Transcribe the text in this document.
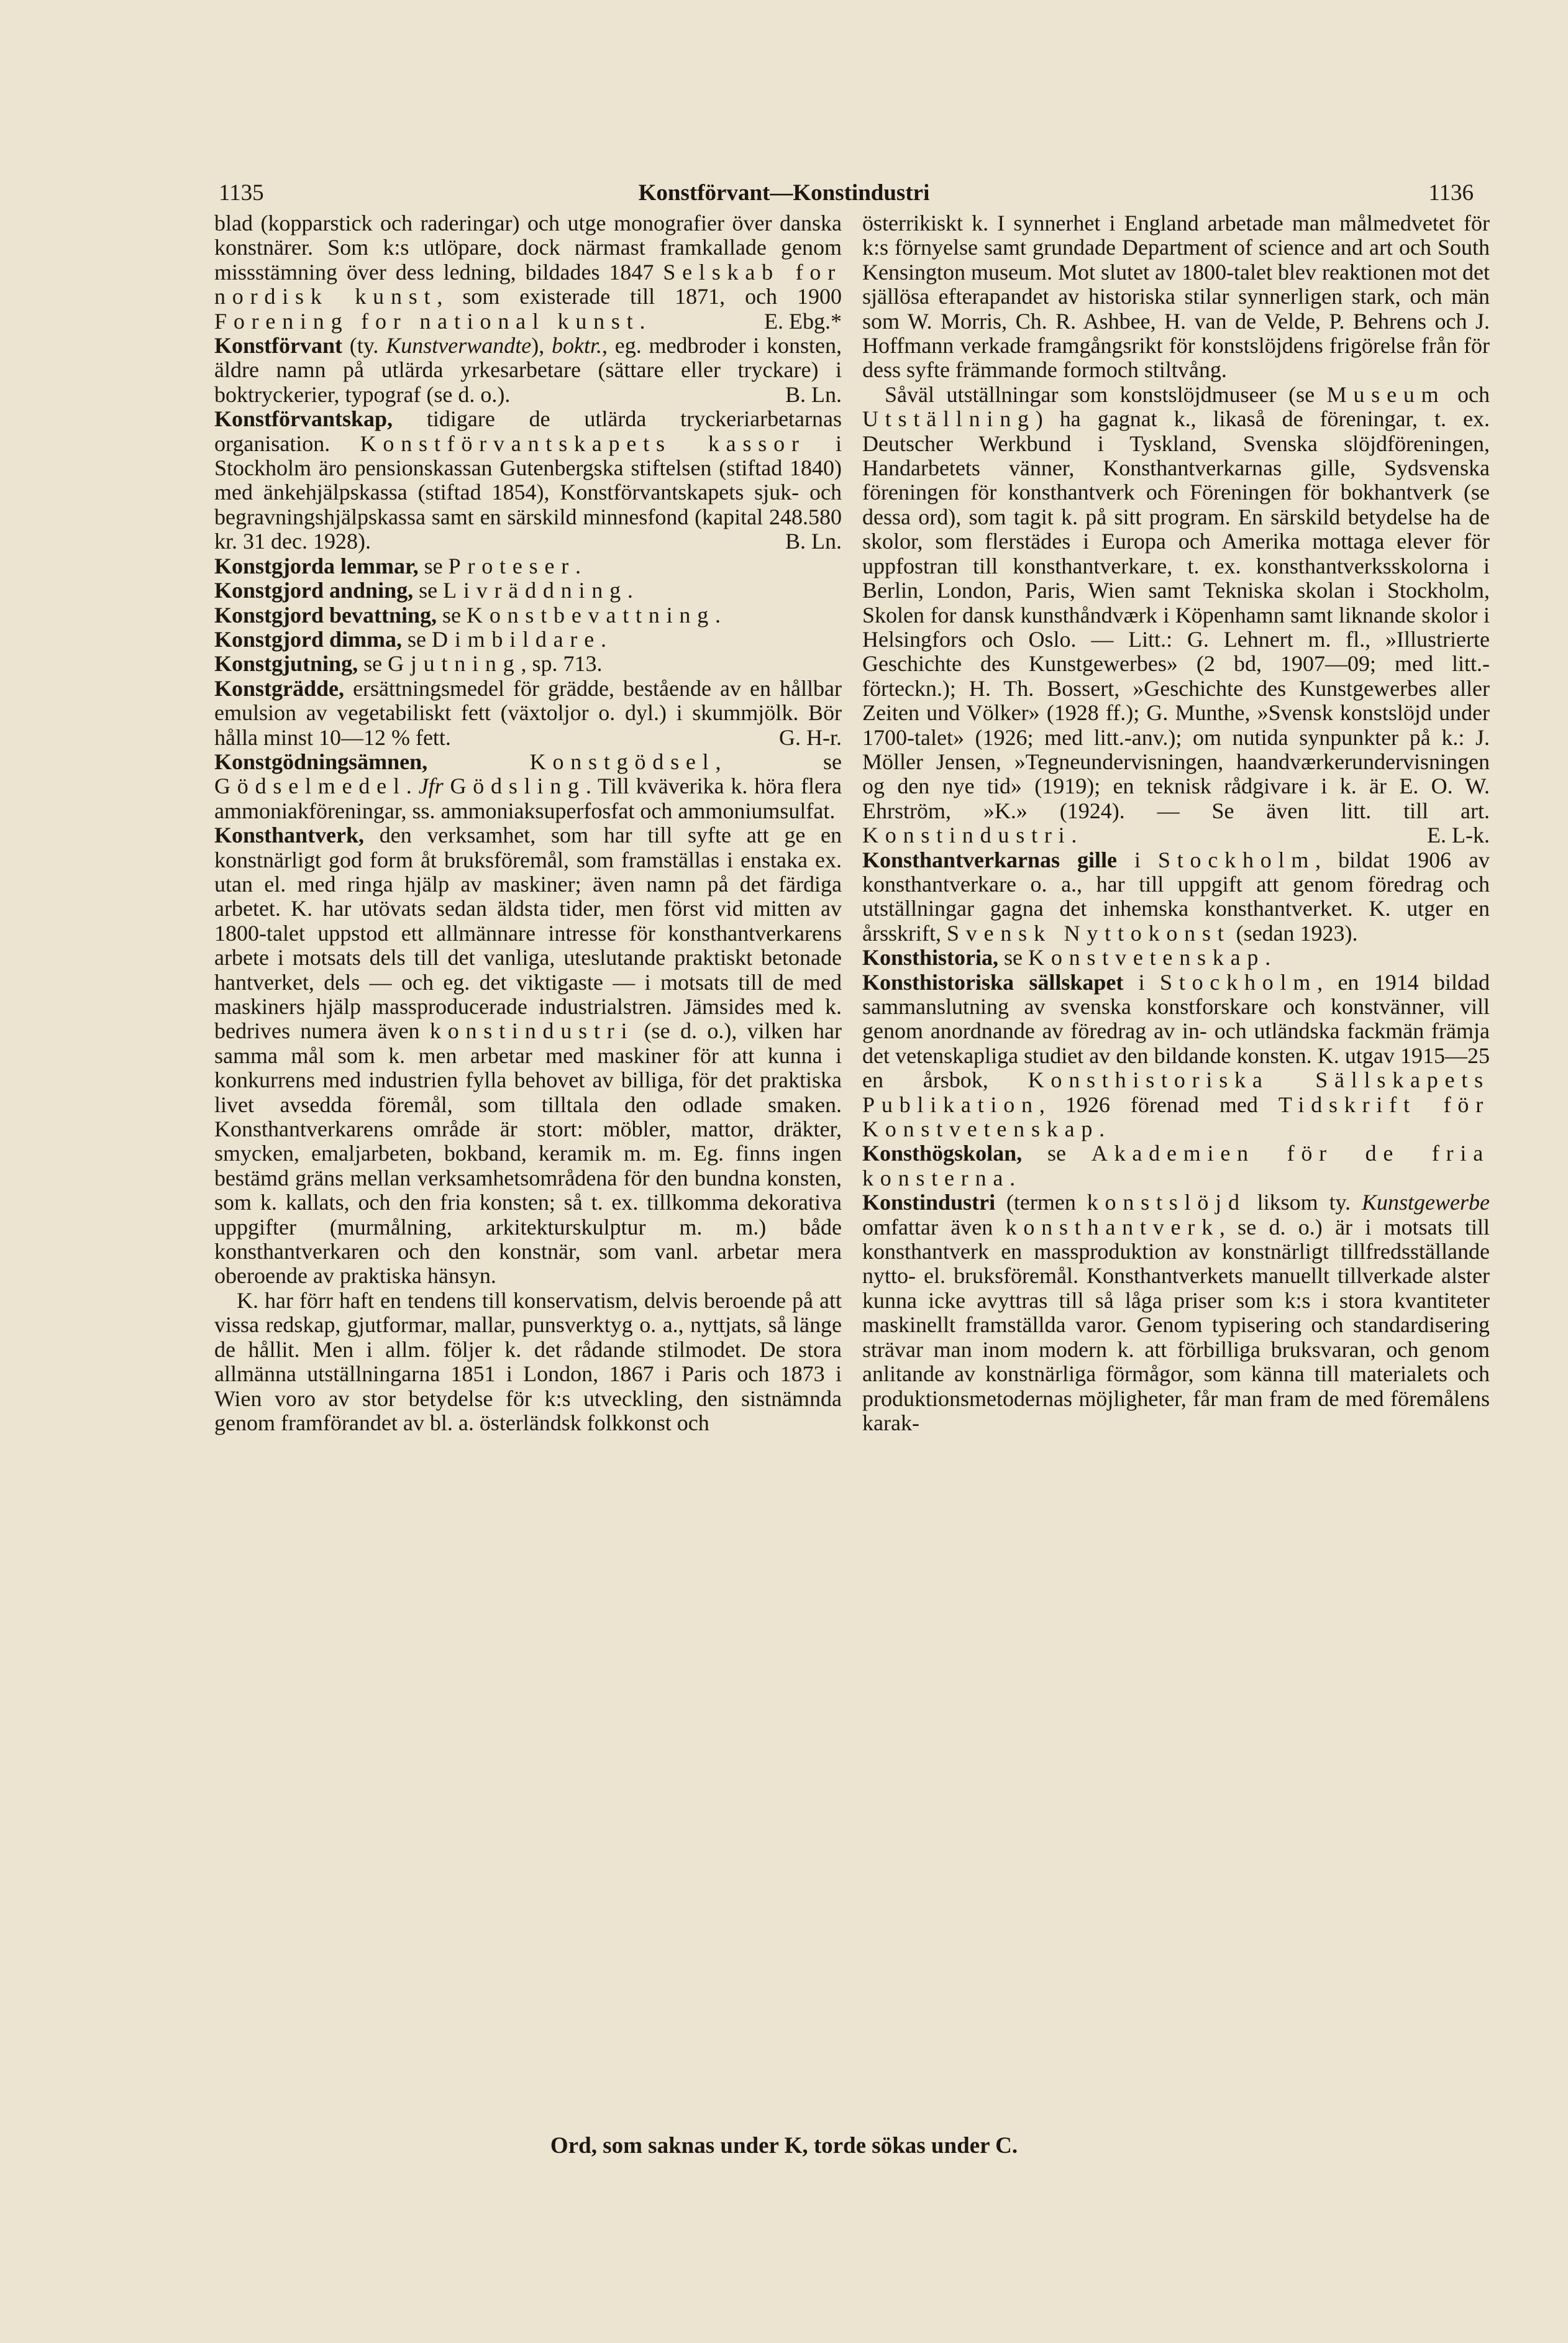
1135	Konstförvant—Konstindustri	1136

blad (kopparstick och raderingar) och utge monografier över danska konstnärer. Som k:s utlöpare, dock närmast framkallade genom missstämning över dess ledning, bildades 1847 Selskab for nordisk kunst, som existerade till 1871, och 1900 Forening for national kunst.	E. Ebg.*

Konstförvant (ty. Kunstverwandte), boktr., eg. medbroder i konsten, äldre namn på utlärda yrkesarbetare (sättare eller tryckare) i boktryckerier, typograf (se d. o.).	B. Ln.

Konstförvantskap, tidigare de utlärda tryckeriarbetarnas organisation. Konstförvantskapets kassor i Stockholm äro pensionskassan Gutenbergska stiftelsen (stiftad 1840) med änkehjälpskassa (stiftad 1854), Konstförvantskapets sjuk- och begravningshjälpskassa samt en särskild minnesfond (kapital 248.580 kr. 31 dec. 1928).	B. Ln.

Konstgjorda lemmar, se Proteser.

Konstgjord andning, se Livräddning.

Konstgjord bevattning, se Konstbevattning.

Konstgjord dimma, se Dimbildare.

Konstgjutning, se Gjutning, sp. 713.

Konstgrädde, ersättningsmedel för grädde, bestående av en hållbar emulsion av vegetabiliskt fett (växtoljor o. dyl.) i skummjölk. Bör hålla minst 10—12 % fett.	G. H-r.

Konstgödningsämnen,	Konstgödsel, se Gödselmedel. Jfr Gödsling. Till kväverika k. höra flera ammoniakföreningar, ss. ammoniaksuperfosfat och ammoniumsulfat.

Konsthantverk, den verksamhet, som har till syfte att ge en konstnärligt god form åt bruksföremål, som framställas i enstaka ex. utan el. med ringa hjälp av maskiner; även namn på det färdiga arbetet. K. har utövats sedan äldsta tider, men först vid mitten av 1800-talet uppstod ett allmännare intresse för konsthantverkarens arbete i motsats dels till det vanliga, uteslutande praktiskt betonade hantverket, dels — och eg. det viktigaste — i motsats till de med maskiners hjälp massproducerade industrialstren. Jämsides med k. bedrives numera även konstindustri (se d. o.), vilken har samma mål som k. men arbetar med maskiner för att kunna i konkurrens med industrien fylla behovet av billiga, för det praktiska livet avsedda föremål, som tilltala den odlade smaken. Konsthantverkarens område är stort: möbler, mattor, dräkter, smycken, emaljarbeten, bokband, keramik m. m. Eg. finns ingen bestämd gräns mellan verksamhetsområdena för den bundna konsten, som k. kallats, och den fria konsten; så t. ex. tillkomma dekorativa uppgifter (murmålning, arkitekturskulptur m. m.) både konsthantverkaren och den konstnär, som vanl. arbetar mera oberoende av praktiska hänsyn.

K. har förr haft en tendens till konservatism, delvis beroende på att vissa redskap, gjutformar, mallar, punsverktyg o. a., nyttjats, så länge de hållit. Men i allm. följer k. det rådande stilmodet. De stora allmänna utställningarna 1851 i London, 1867 i Paris och 1873 i Wien voro av stor betydelse för k:s utveckling, den sistnämnda genom framförandet av bl. a. österländsk folkkonst och

österrikiskt k. I synnerhet i England arbetade man målmedvetet för k:s förnyelse samt grundade Department of science and art och South Kensington museum. Mot slutet av 1800-talet blev reaktionen mot det själlösa efterapandet av historiska stilar synnerligen stark, och män som W. Morris, Ch. R. Ashbee, H. van de Velde, P. Behrens och J. Hoffmann verkade framgångsrikt för konstslöjdens frigörelse från för dess syfte främmande formoch stiltvång.

Såväl utställningar som konstslöjdmuseer (se Museum och Utställning) ha gagnat k., likaså de föreningar, t. ex. Deutscher Werkbund i Tyskland, Svenska slöjdföreningen, Handarbetets vänner, Konsthantverkarnas gille, Sydsvenska föreningen för konsthantverk och Föreningen för bokhantverk (se dessa ord), som tagit k. på sitt program. En särskild betydelse ha de skolor, som flerstädes i Europa och Amerika mottaga elever för uppfostran till konsthantverkare, t. ex. konsthantverksskolorna i Berlin, London, Paris, Wien samt Tekniska skolan i Stockholm, Skolen for dansk kunsthåndværk i Köpenhamn samt liknande skolor i Helsingfors och Oslo. — Litt.: G. Lehnert m. fl., »Illustrierte Geschichte des Kunstgewerbes» (2 bd, 1907—09; med litt.-förteckn.); H. Th. Bossert, »Geschichte des Kunstgewerbes aller Zeiten und Völker» (1928 ff.); G. Munthe, »Svensk konstslöjd under 1700-talet» (1926; med litt.-anv.); om nutida synpunkter på k.: J. Möller Jensen, »Tegneundervisningen, haandværkerundervisningen og den nye tid» (1919); en teknisk rådgivare i k. är E. O. W. Ehrström, »K.» (1924). — Se även litt. till art. Konstindustri.	E. L-k.

Konsthantverkarnas gille i Stockholm, bildat 1906 av konsthantverkare o. a., har till uppgift att genom föredrag och utställningar gagna det inhemska konsthantverket. K. utger en årsskrift, Svensk Nyttokonst (sedan 1923).

Konsthistoria, se Konstvetenskap.

Konsthistoriska sällskapet i Stockholm, en 1914 bildad sammanslutning av svenska konstforskare och konstvänner, vill genom anordnande av föredrag av in- och utländska fackmän främja det vetenskapliga studiet av den bildande konsten. K. utgav 1915—25 en årsbok, Konsthistoriska Sällskapets Publikation, 1926 förenad med Tidskrift för Konstvetenskap.

Konsthögskolan, se Akademien för de fria konsterna.

Konstindustri (termen konstslöjd liksom ty. Kunstgewerbe omfattar även konsthantverk, se d. o.) är i motsats till konsthantverk en massproduktion av konstnärligt tillfredsställande nytto- el. bruksföremål. Konsthantverkets manuellt tillverkade alster kunna icke avyttras till så låga priser som k:s i stora kvantiteter maskinellt framställda varor. Genom typisering och standardisering strävar man inom modern k. att förbilliga bruksvaran, och genom anlitande av konstnärliga förmågor, som känna till materialets och produktionsmetodernas möjligheter, får man fram de med föremålens karak-

Ord, som saknas under K, torde sökas under C.
